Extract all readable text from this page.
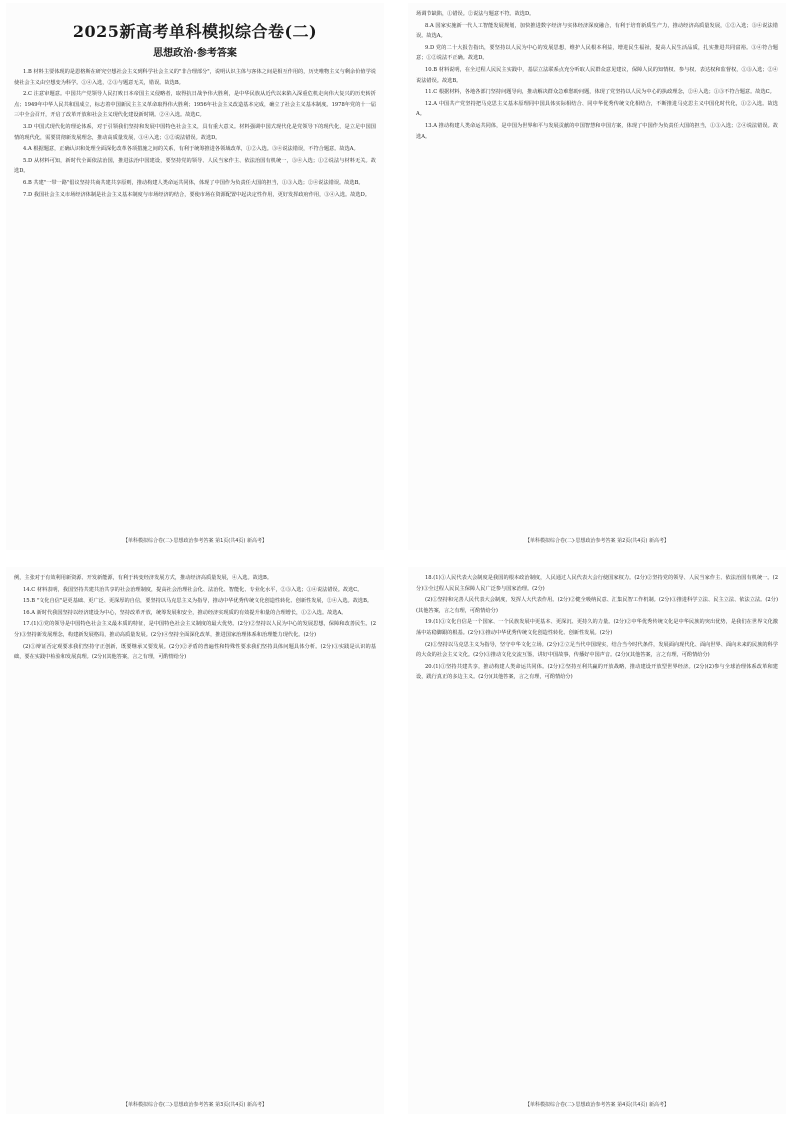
2025新高考单科模拟综合卷(二)
思想政治·参考答案

1.B 材料主要体现的是恩格斯在研究空想社会主义到科学社会主义的"非合理部分"，说明认识主体与客体之间是相互作用的，历史唯物主义与剩余价值学说使社会主义由空想变为科学。①④入选，②③与题意无关，错误。故选B。

2.C 注意审题意。中国共产党领导人民打败日本帝国主义侵略者，取得抗日战争伟大胜利，是中华民族从近代以来陷入深重危机走向伟大复兴的历史转折点；1949年中华人民共和国成立，标志着中国新民主主义革命取得伟大胜利；1956年社会主义改造基本完成，确立了社会主义基本制度。1978年党的十一届三中全会召开，开启了改革开放和社会主义现代化建设新时期。②④入选。故选C。

3.D 中国式现代化的理论体系，对于引领我们坚持和发展中国特色社会主义，具有重大意义。材料强调中国式现代化是党领导下的现代化，是立足中国国情的现代化，需要贯彻新发展理念，推动高质量发展，③④入选；①②说法错误。故选D。

4.A 根据题意，正确认识和处理全面深化改革各项措施之间的关系，有利于统筹推进各领域改革，①②入选。③④说法错误，不符合题意。故选A。

5.D 从材料可知，新时代全面依法治国，推进法治中国建设，要坚持党的领导、人民当家作主、依法治国有机统一，③④入选；①②说法与材料无关。故选D。

6.B 共建"一带一路"倡议坚持共商共建共享原则，推动构建人类命运共同体，体现了中国作为负责任大国的担当，①③入选；②④说法错误。故选B。

7.D 我国社会主义市场经济体制是社会主义基本制度与市场经济的结合，要使市场在资源配置中起决定性作用，更好发挥政府作用，③④入选。故选D。

【单科模拟综合卷(二)·思想政治参考答案 第1页(共4页) 新高考】

场调节缺陷，①错误。②说法与题意不符。故选D。

8.A 国家实施新一代人工智能发展规划，加快推进数字经济与实体经济深度融合，有利于培育新质生产力，推动经济高质量发展，①②入选；③④说法错误。故选A。

9.D 党的二十大报告指出，要坚持以人民为中心的发展思想，维护人民根本利益，增进民生福祉，提高人民生活品质，扎实推进共同富裕。③④符合题意；①②说法不正确。故选D。

10.B 材料说明，在全过程人民民主实践中，基层立法联系点充分听取人民群众意见建议，保障人民的知情权、参与权、表达权和监督权，①③入选；②④说法错误。故选B。

11.C 根据材料，各地各部门坚持问题导向，推动解决群众急难愁盼问题，体现了党坚持以人民为中心的执政理念，②④入选；①③不符合题意。故选C。

12.A 中国共产党坚持把马克思主义基本原理同中国具体实际相结合、同中华优秀传统文化相结合，不断推进马克思主义中国化时代化，①②入选。故选A。

13.A 推动构建人类命运共同体，是中国为世界和平与发展贡献的中国智慧和中国方案，体现了中国作为负责任大国的担当，①③入选；②④说法错误。故选A。

【单科模拟综合卷(二)·思想政治参考答案 第2页(共4页) 新高考】

例，主张对于有效利用新资源、开发新能源，有利于转变经济发展方式，推动经济高质量发展，④入选。故选B。

14.C 材料表明，我国坚持共建共治共享的社会治理制度，提高社会治理社会化、法治化、智能化、专业化水平，②③入选；①④说法错误。故选C。

15.B "文化自信"是更基础、更广泛、更深厚的自信，要坚持以马克思主义为指导，推动中华优秀传统文化创造性转化、创新性发展，②④入选。故选B。

16.A 新时代我国坚持以经济建设为中心，坚持改革开放，统筹发展和安全，推动经济实现质的有效提升和量的合理增长，①②入选。故选A。

17.(1)①党的领导是中国特色社会主义最本质的特征，是中国特色社会主义制度的最大优势。(2分)②坚持以人民为中心的发展思想，保障和改善民生。(2分)③坚持新发展理念，构建新发展格局，推动高质量发展。(2分)④坚持全面深化改革，推进国家治理体系和治理能力现代化。(2分)

(2)①辩证否定观要求我们坚持守正创新，既要继承又要发展。(2分)②矛盾的普遍性和特殊性要求我们坚持具体问题具体分析。(2分)③实践是认识的基础，要在实践中检验和发展真理。(2分)(其他答案，言之有理，可酌情给分)

【单科模拟综合卷(二)·思想政治参考答案 第3页(共4页) 新高考】

18.(1)①人民代表大会制度是我国的根本政治制度，人民通过人民代表大会行使国家权力。(2分)②坚持党的领导、人民当家作主、依法治国有机统一。(2分)③全过程人民民主保障人民广泛参与国家治理。(2分)

(2)①坚持和完善人民代表大会制度，发挥人大代表作用。(2分)②健全吸纳民意、汇集民智工作机制。(2分)③推进科学立法、民主立法、依法立法。(2分)(其他答案，言之有理，可酌情给分)

19.(1)①文化自信是一个国家、一个民族发展中更基本、更深沉、更持久的力量。(2分)②中华优秀传统文化是中华民族的突出优势，是我们在世界文化激荡中站稳脚跟的根基。(2分)③推动中华优秀传统文化创造性转化、创新性发展。(2分)

(2)①坚持以马克思主义为指导，坚守中华文化立场。(2分)②立足当代中国现实，结合当今时代条件，发展面向现代化、面向世界、面向未来的民族的科学的大众的社会主义文化。(2分)③推动文化交流互鉴，讲好中国故事，传播好中国声音。(2分)(其他答案，言之有理，可酌情给分)

20.(1)①坚持共建共享，推动构建人类命运共同体。(2分)②坚持互利共赢的开放战略，推动建设开放型世界经济。(2分)(2)参与全球治理体系改革和建设，践行真正的多边主义。(2分)(其他答案，言之有理，可酌情给分)

【单科模拟综合卷(二)·思想政治参考答案 第4页(共4页) 新高考】
